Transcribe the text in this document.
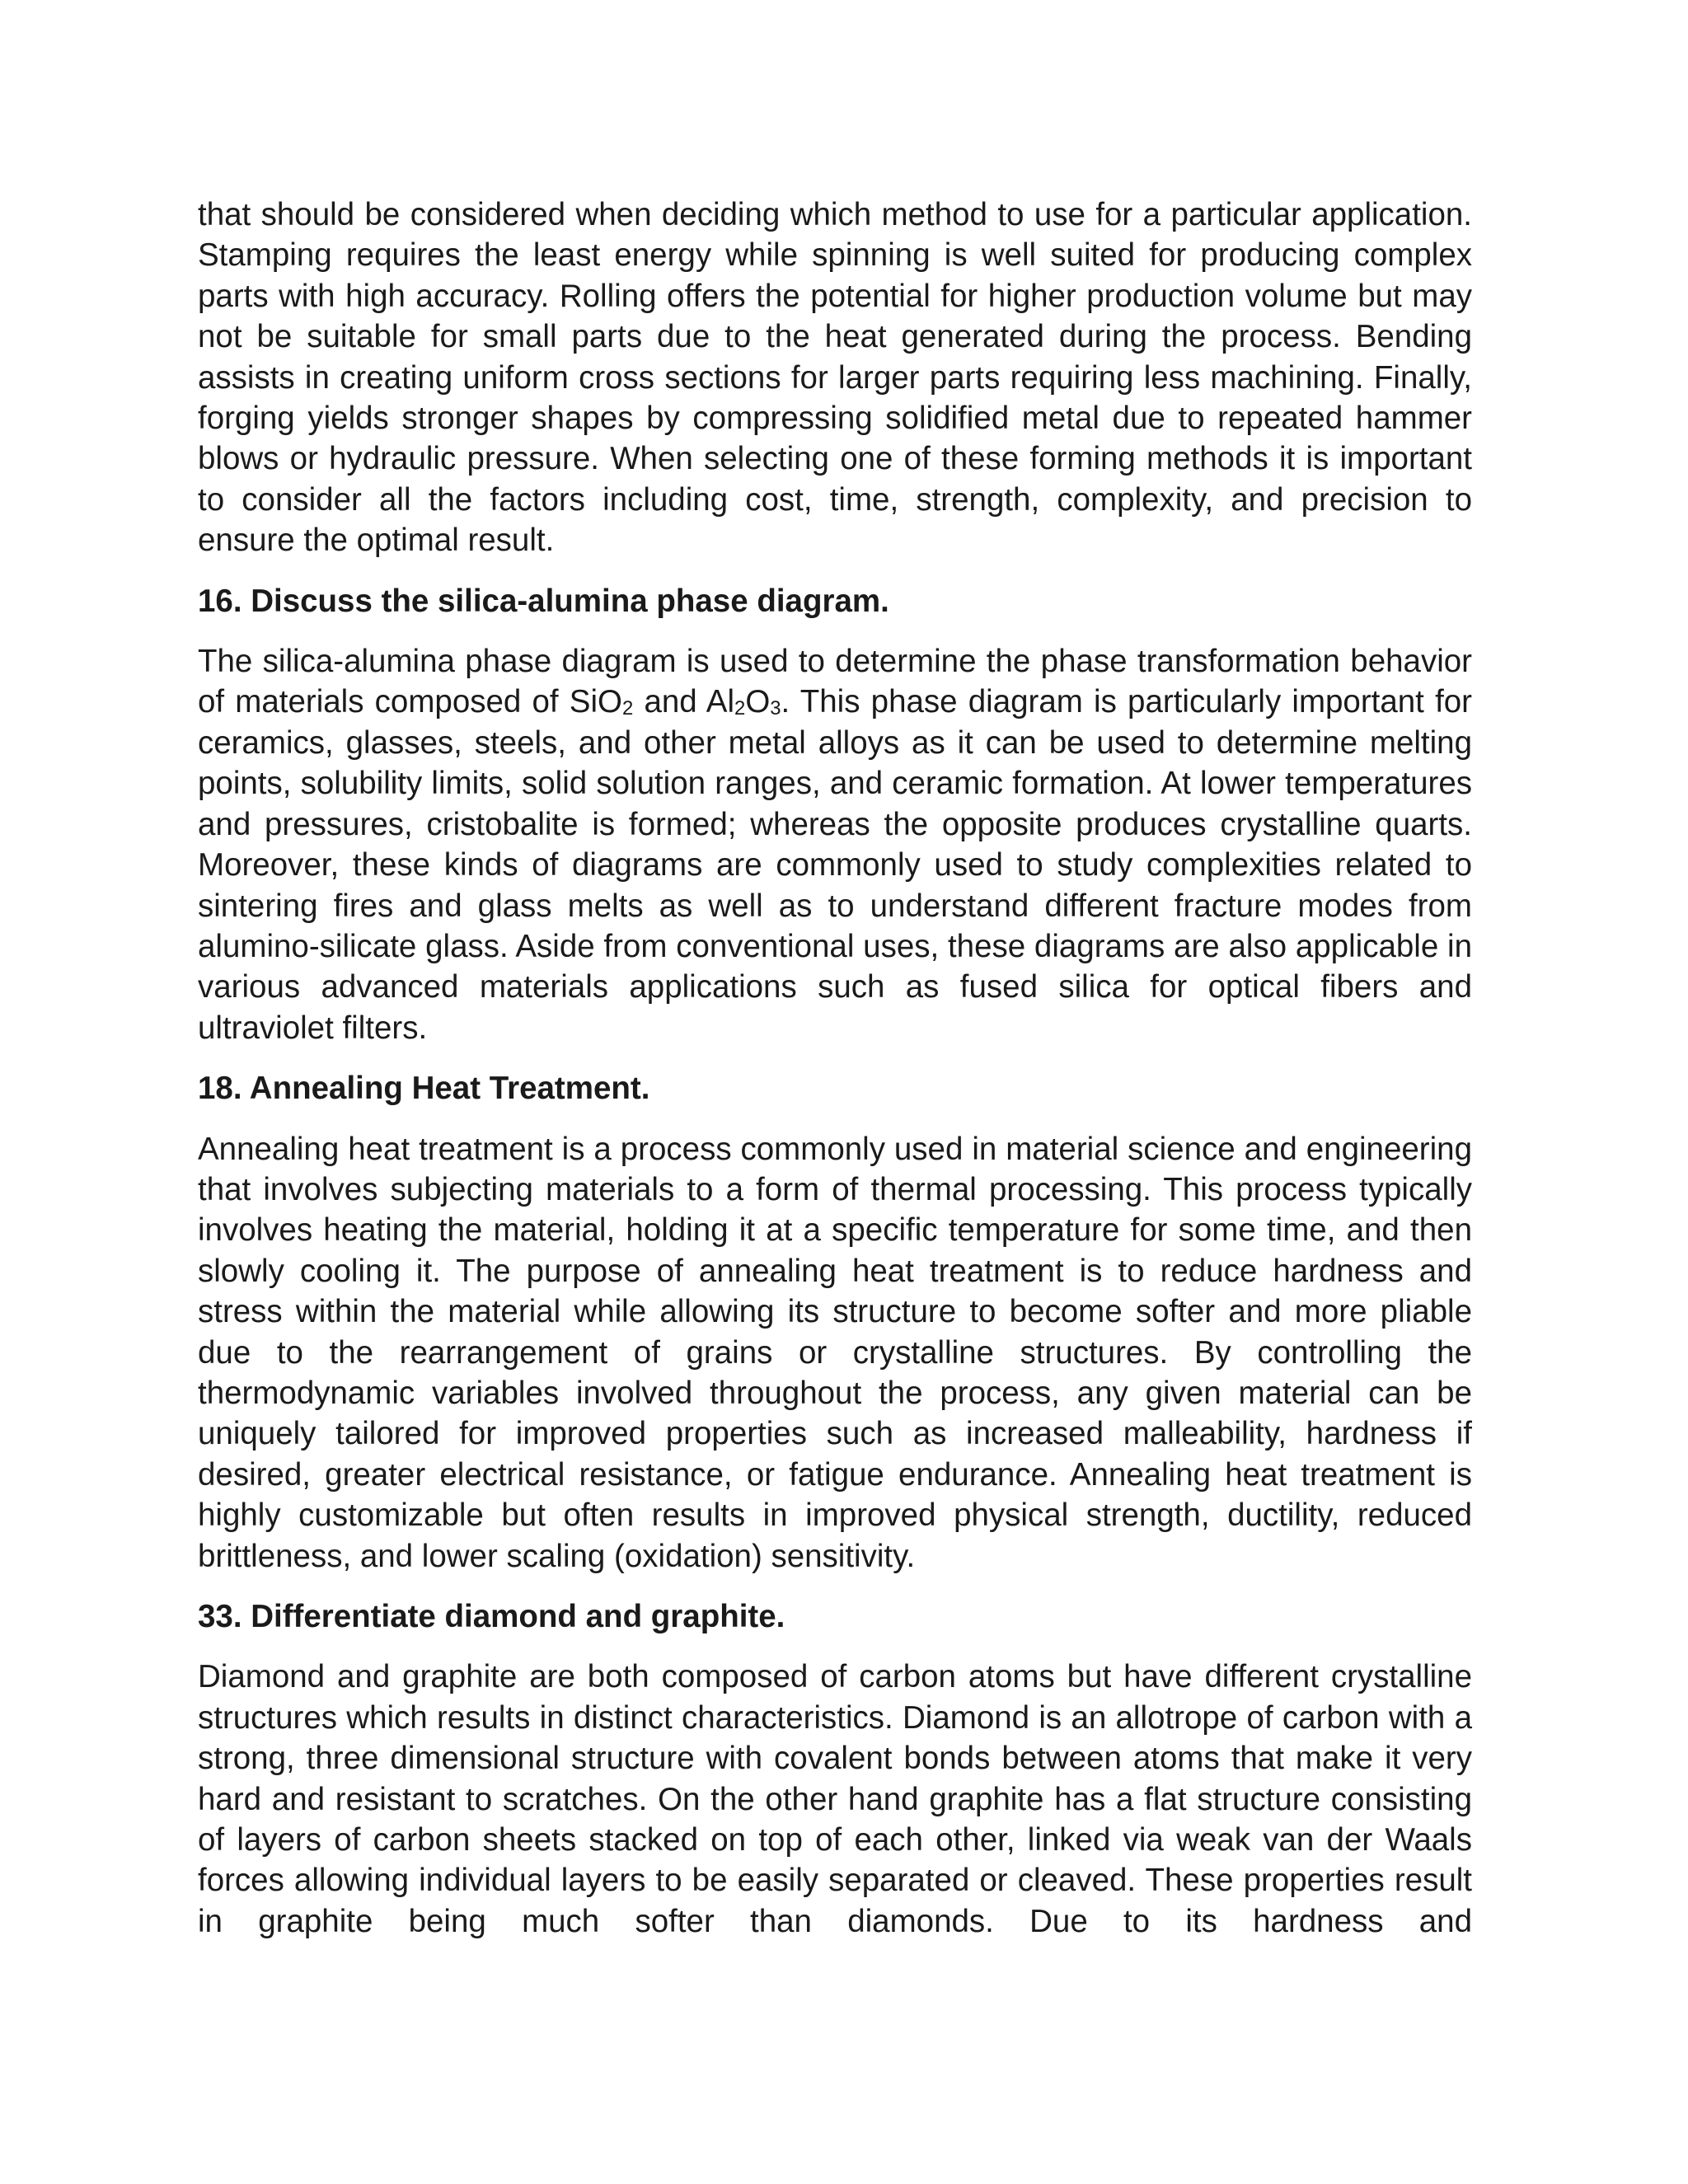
that should be considered when deciding which method to use for a particular application. Stamping requires the least energy while spinning is well suited for producing complex parts with high accuracy. Rolling offers the potential for higher production volume but may not be suitable for small parts due to the heat generated during the process. Bending assists in creating uniform cross sections for larger parts requiring less machining. Finally, forging yields stronger shapes by compressing solidified metal due to repeated hammer blows or hydraulic pressure. When selecting one of these forming methods it is important to consider all the factors including cost, time, strength, complexity, and precision to ensure the optimal result.

16. Discuss the silica-alumina phase diagram.

The silica-alumina phase diagram is used to determine the phase transformation behavior of materials composed of SiO$_2$ and $Al_2O_3$. This phase diagram is particularly important for ceramics, glasses, steels, and other metal alloys as it can be used to determine melting points, solubility limits, solid solution ranges, and ceramic formation. At lower temperatures and pressures, cristobalite is formed; whereas the opposite produces crystalline quarts. Moreover, these kinds of diagrams are commonly used to study complexities related to sintering fires and glass melts as well as to understand different fracture modes from alumino-silicate glass. Aside from conventional uses, these diagrams are also applicable in various advanced materials applications such as fused silica for optical fibers and ultraviolet filters.

18. Annealing Heat Treatment.

Annealing heat treatment is a process commonly used in material science and engineering that involves subjecting materials to a form of thermal processing. This process typically involves heating the material, holding it at a specific temperature for some time, and then slowly cooling it. The purpose of annealing heat treatment is to reduce hardness and stress within the material while allowing its structure to become softer and more pliable due to the rearrangement of grains or crystalline structures. By controlling the thermodynamic variables involved throughout the process, any given material can be uniquely tailored for improved properties such as increased malleability, hardness if desired, greater electrical resistance, or fatigue endurance. Annealing heat treatment is highly customizable but often results in improved physical strength, ductility, reduced brittleness, and lower scaling (oxidation) sensitivity.

33. Differentiate diamond and graphite.

Diamond and graphite are both composed of carbon atoms but have different crystalline structures which results in distinct characteristics. Diamond is an allotrope of carbon with a strong, three dimensional structure with covalent bonds between atoms that make it very hard and resistant to scratches. On the other hand graphite has a flat structure consisting of layers of carbon sheets stacked on top of each other, linked via weak van der Waals forces allowing individual layers to be easily separated or cleaved. These properties result in graphite being much softer than diamonds. Due to its hardness and
